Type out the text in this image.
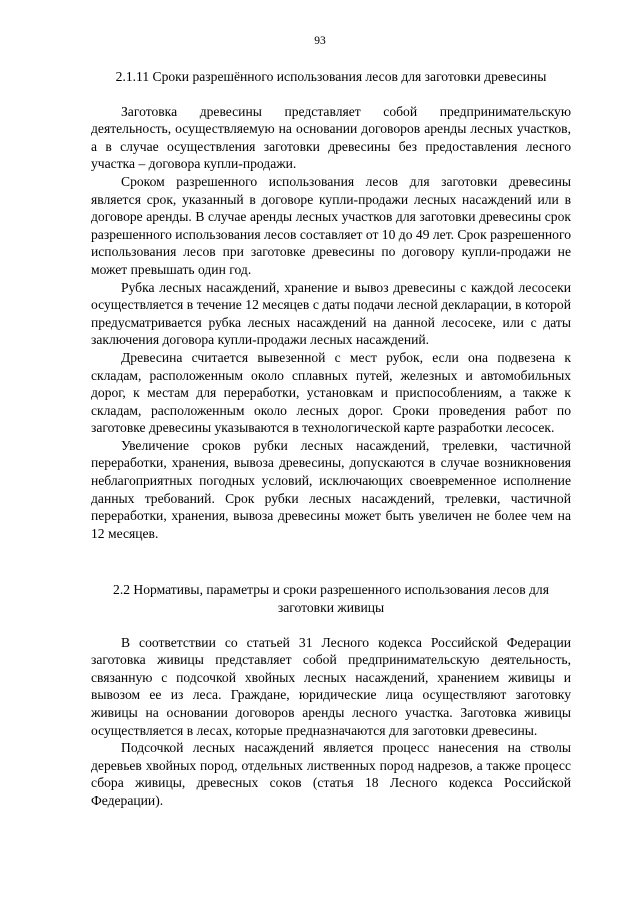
93

2.1.11 Сроки разрешённого использования лесов для заготовки древесины

Заготовка древесины представляет собой предпринимательскую деятельность, осуществляемую на основании договоров аренды лесных участков, а в случае осуществления заготовки древесины без предоставления лесного участка – договора купли-продажи.

Сроком разрешенного использования лесов для заготовки древесины является срок, указанный в договоре купли-продажи лесных насаждений или в договоре аренды. В случае аренды лесных участков для заготовки древесины срок разрешенного использования лесов составляет от 10 до 49 лет. Срок разрешенного использования лесов при заготовке древесины по договору купли-продажи не может превышать один год.

Рубка лесных насаждений, хранение и вывоз древесины с каждой лесосеки осуществляется в течение 12 месяцев с даты подачи лесной декларации, в которой предусматривается рубка лесных насаждений на данной лесосеке, или с даты заключения договора купли-продажи лесных насаждений.

Древесина считается вывезенной с мест рубок, если она подвезена к складам, расположенным около сплавных путей, железных и автомобильных дорог, к местам для переработки, установкам и приспособлениям, а также к складам, расположенным около лесных дорог. Сроки проведения работ по заготовке древесины указываются в технологической карте разработки лесосек.

Увеличение сроков рубки лесных насаждений, трелевки, частичной переработки, хранения, вывоза древесины, допускаются в случае возникновения неблагоприятных погодных условий, исключающих своевременное исполнение данных требований. Срок рубки лесных насаждений, трелевки, частичной переработки, хранения, вывоза древесины может быть увеличен не более чем на 12 месяцев.

2.2 Нормативы, параметры и сроки разрешенного использования лесов для заготовки живицы

В соответствии со статьей 31 Лесного кодекса Российской Федерации заготовка живицы представляет собой предпринимательскую деятельность, связанную с подсочкой хвойных лесных насаждений, хранением живицы и вывозом ее из леса. Граждане, юридические лица осуществляют заготовку живицы на основании договоров аренды лесного участка. Заготовка живицы осуществляется в лесах, которые предназначаются для заготовки древесины.

Подсочкой лесных насаждений является процесс нанесения на стволы деревьев хвойных пород, отдельных лиственных пород надрезов, а также процесс сбора живицы, древесных соков (статья 18 Лесного кодекса Российской Федерации).
